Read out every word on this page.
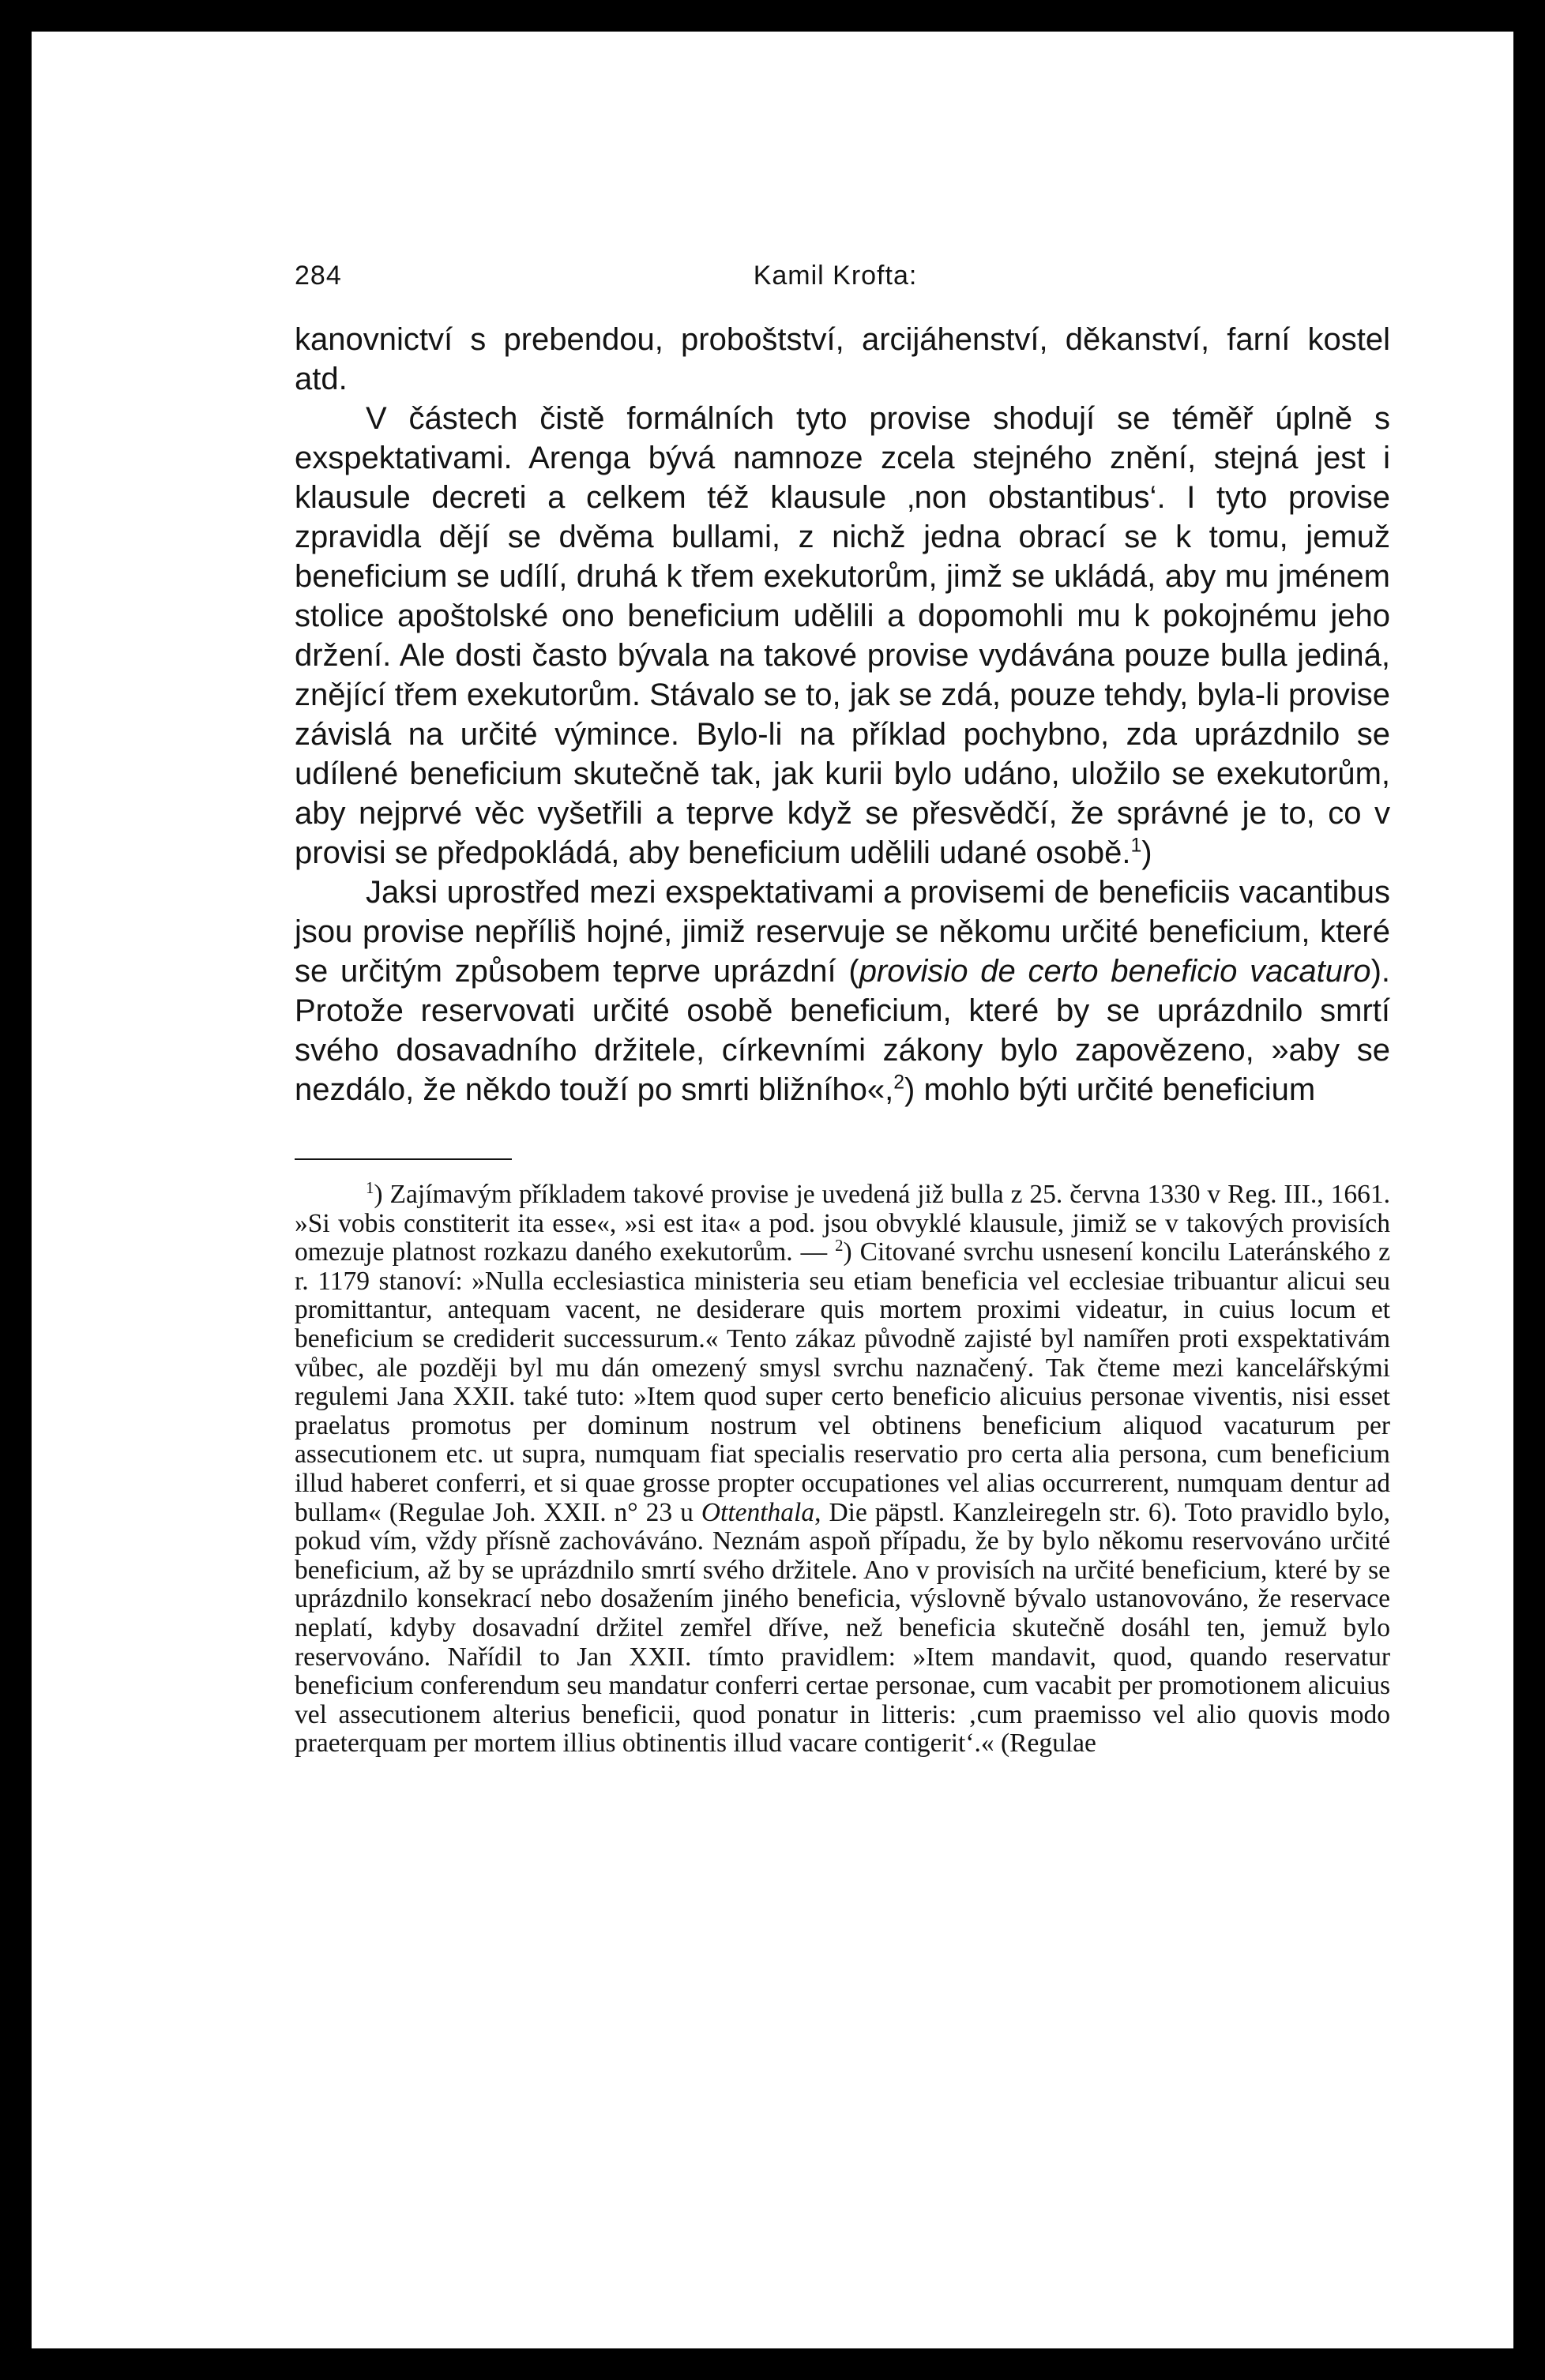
284	Kamil Krofta:

kanovnictví s prebendou, proboštství, arcijáhenství, děkanství, farní kostel atd.

V částech čistě formálních tyto provise shodují se téměř úplně s exspektativami. Arenga bývá namnoze zcela stejného znění, stejná jest i klausule decreti a celkem též klausule ‚non obstantibus‘. I tyto provise zpravidla dějí se dvěma bullami, z nichž jedna obrací se k tomu, jemuž beneficium se udílí, druhá k třem exekutorům, jimž se ukládá, aby mu jménem stolice apoštolské ono beneficium udělili a dopomohli mu k pokojnému jeho držení. Ale dosti často bývala na takové provise vydávána pouze bulla jediná, znějící třem exekutorům. Stávalo se to, jak se zdá, pouze tehdy, byla-li provise závislá na určité výmince. Bylo-li na příklad pochybno, zda uprázdnilo se udílené beneficium skutečně tak, jak kurii bylo udáno, uložilo se exekutorům, aby nejprvé věc vyšetřili a teprve když se přesvědčí, že správné je to, co v provisi se předpokládá, aby beneficium udělili udané osobě.$^1$)

Jaksi uprostřed mezi exspektativami a provisemi de beneficiis vacantibus jsou provise nepříliš hojné, jimiž reservuje se někomu určité beneficium, které se určitým způsobem teprve uprázdní (provisio de certo beneficio vacaturo). Protože reservovati určité osobě beneficium, které by se uprázdnilo smrtí svého dosavadního držitele, církevními zákony bylo zapovězeno, »aby se nezdálo, že někdo touží po smrti bližního«,$^2$) mohlo býti určité beneficium

$^1$) Zajímavým příkladem takové provise je uvedená již bulla z 25. června 1330 v Reg. III., 1661. »Si vobis constiterit ita esse«, »si est ita« a pod. jsou obvyklé klausule, jimiž se v takových provisích omezuje platnost rozkazu daného exekutorům. — $^2$) Citované svrchu usnesení koncilu Lateránského z r. 1179 stanoví: »Nulla ecclesiastica ministeria seu etiam beneficia vel ecclesiae tribuantur alicui seu promittantur, antequam vacent, ne desiderare quis mortem proximi videatur, in cuius locum et beneficium se crediderit successurum.« Tento zákaz původně zajisté byl namířen proti exspektativám vůbec, ale později byl mu dán omezený smysl svrchu naznačený. Tak čteme mezi kancelářskými regulemi Jana XXII. také tuto: »Item quod super certo beneficio alicuius personae viventis, nisi esset praelatus promotus per dominum nostrum vel obtinens beneficium aliquod vacaturum per assecutionem etc. ut supra, numquam fiat specialis reservatio pro certa alia persona, cum beneficium illud haberet conferri, et si quae grosse propter occupationes vel alias occurrerent, numquam dentur ad bullam« (Regulae Joh. XXII. n° 23 u Ottenthala, Die päpstl. Kanzleiregeln str. 6). Toto pravidlo bylo, pokud vím, vždy přísně zachováváno. Neznám aspoň případu, že by bylo někomu reservováno určité beneficium, až by se uprázdnilo smrtí svého držitele. Ano v provisích na určité beneficium, které by se uprázdnilo konsekrací nebo dosažením jiného beneficia, výslovně bývalo ustanovováno, že reservace neplatí, kdyby dosavadní držitel zemřel dříve, než beneficia skutečně dosáhl ten, jemuž bylo reservováno. Nařídil to Jan XXII. tímto pravidlem: »Item mandavit, quod, quando reservatur beneficium conferendum seu mandatur conferri certae personae, cum vacabit per promotionem alicuius vel assecutionem alterius beneficii, quod ponatur in litteris: ‚cum praemisso vel alio quovis modo praeterquam per mortem illius obtinentis illud vacare contigerit‘.« (Regulae
